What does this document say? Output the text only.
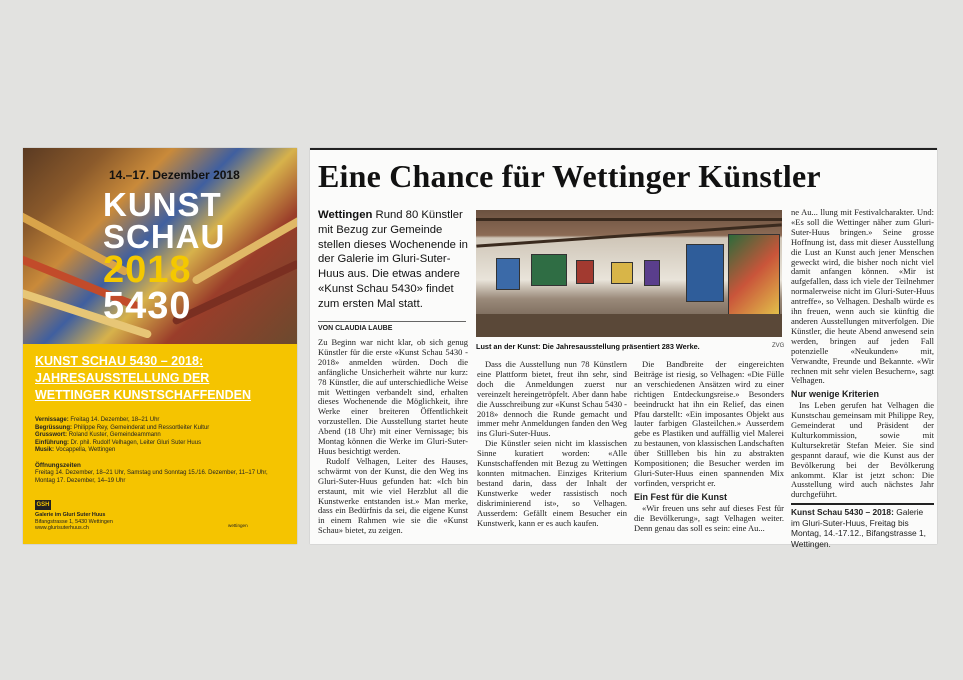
14.–17. Dezember 2018
KUNST
SCHAU
2018
5430
KUNST SCHAU 5430 – 2018: JAHRESAUSSTELLUNG DER WETTINGER KUNSTSCHAFFENDEN
Vernissage: Freitag 14. Dezember, 18–21 Uhr
Begrüssung: Philippe Rey, Gemeinderat und Ressortleiter Kultur
Grusswort: Roland Kuster, Gemeindeammann
Einführung: Dr. phil. Rudolf Velhagen, Leiter Gluri Suter Huus
Musik: Vocappella, Wettingen
Öffnungszeiten
Freitag 14. Dezember, 18–21 Uhr, Samstag und Sonntag 15./16. Dezember, 11–17 Uhr,
Montag 17. Dezember, 14–19 Uhr
GSH
Galerie im Gluri Suter Huus
Bifangstrasse 1, 5430 Wettingen
www.glurisuterhuus.ch	wettingen
Eine Chance für Wettinger Künstler
Wettingen Rund 80 Künstler mit Bezug zur Gemeinde stellen dieses Wochenende in der Galerie im Gluri-Suter-Huus aus. Die etwas andere «Kunst Schau 5430» findet zum ersten Mal statt.
VON CLAUDIA LAUBE
Lust an der Kunst: Die Jahresausstellung präsentiert 283 Werke.	ZVG

Zu Beginn war nicht klar, ob sich genug Künstler für die erste «Kunst Schau 5430 - 2018» anmelden würden. Doch die anfängliche Unsicherheit währte nur kurz: 78 Künstler, die auf unterschiedliche Weise mit Wettingen verbandelt sind, erhalten dieses Wochenende die Möglichkeit, ihre Werke einer breiteren Öffentlichkeit vorzustellen. Die Ausstellung startet heute Abend (18 Uhr) mit einer Vernissage; bis Montag können die Werke im Gluri-Suter-Huus besichtigt werden.

Rudolf Velhagen, Leiter des Hauses, schwärmt von der Kunst, die den Weg ins Gluri-Suter-Huus gefunden hat: «Ich bin erstaunt, mit wie viel Herzblut all die Kunstwerke entstanden ist.» Man merke, dass ein Bedürfnis da sei, die eigene Kunst in einem Rahmen wie sie die «Kunst Schau» bietet, zu zeigen.

Dass die Ausstellung nun 78 Künstlern eine Plattform bietet, freut ihn sehr, sind doch die Anmeldungen zuerst nur vereinzelt hereingetröpfelt. Aber dann habe die Ausschreibung zur «Kunst Schau 5430 - 2018» dennoch die Runde gemacht und immer mehr Anmeldungen fanden den Weg ins Gluri-Suter-Huus.

Die Künstler seien nicht im klassischen Sinne kuratiert worden: «Alle Kunstschaffenden mit Bezug zu Wettingen konnten mitmachen. Einziges Kriterium bestand darin, dass der Inhalt der Kunstwerke weder rassistisch noch diskriminierend ist», so Velhagen. Ausserdem: Gefällt einem Besucher ein Kunstwerk, kann er es auch kaufen.

Die Bandbreite der eingereichten Beiträge ist riesig, so Velhagen: «Die Fülle an verschiedenen Ansätzen wird zu einer richtigen Entdeckungsreise.» Besonders beeindruckt hat ihn ein Relief, das einen Pfau darstellt: «Ein imposantes Objekt aus lauter farbigen Glasteilchen.» Ausserdem gebe es Plastiken und auffällig viel Malerei zu bestaunen, von klassischen Landschaften über Stillleben bis hin zu abstrakten Kompositionen; die Besucher werden im Gluri-Suter-Huus einen spannenden Mix vorfinden, verspricht er.

Ein Fest für die Kunst

«Wir freuen uns sehr auf dieses Fest für die Bevölkerung», sagt Velhagen weiter. Denn genau das soll es sein: eine Au...

ne Au... llung mit Festivalcharakter. Und: «Es soll die Wettinger näher zum Gluri-Suter-Huus bringen.» Seine grosse Hoffnung ist, dass mit dieser Ausstellung die Lust an Kunst auch jener Menschen geweckt wird, die bisher noch nicht viel damit anfangen können. «Mir ist aufgefallen, dass ich viele der Teilnehmer normalerweise nicht im Gluri-Suter-Huus antreffe», so Velhagen. Deshalb würde es ihn freuen, wenn auch sie künftig die anderen Ausstellungen mitverfolgen. Die Künstler, die heute Abend anwesend sein werden, bringen auf jeden Fall potenzielle «Neukunden» mit, Verwandte, Freunde und Bekannte. «Wir rechnen mit sehr vielen Besuchern», sagt Velhagen.

Nur wenige Kriterien

Ins Leben gerufen hat Velhagen die Kunstschau gemeinsam mit Philippe Rey, Gemeinderat und Präsident der Kulturkommission, sowie mit Kultursekretär Stefan Meier. Sie sind gespannt darauf, wie die Kunst aus der Bevölkerung bei der Bevölkerung ankommt. Klar ist jetzt schon: Die Ausstellung wird auch nächstes Jahr durchgeführt.

Kunst Schau 5430 – 2018: Galerie im Gluri-Suter-Huus, Freitag bis Montag, 14.-17.12., Bifangstrasse 1, Wettingen.
